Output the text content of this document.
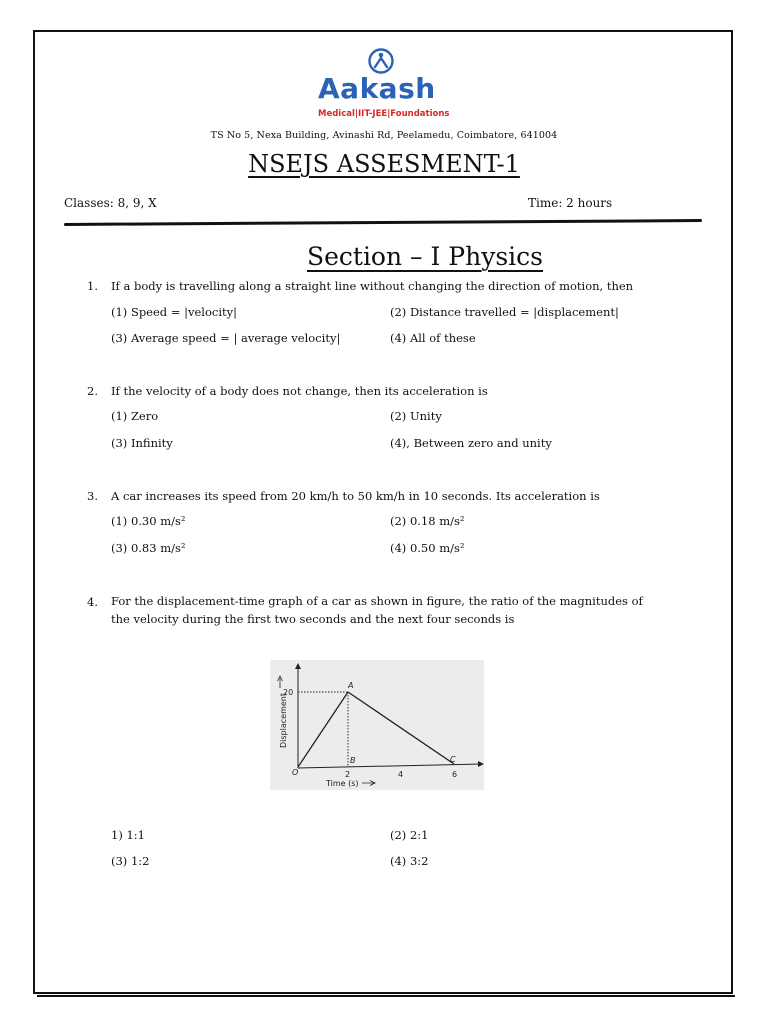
Aakash
Medical|IIT-JEE|Foundations
TS No 5, Nexa Building, Avinashi Rd, Peelamedu, Coimbatore, 641004
NSEJS ASSESMENT-1
Classes: 8, 9, X	Time: 2 hours
Section – I Physics
1. If a body is travelling along a straight line without changing the direction of motion, then
(1) Speed = |velocity|	(2) Distance travelled = |displacement|
(3) Average speed = | average velocity|	(4) All of these
2. If the velocity of a body does not change, then its acceleration is
(1) Zero	(2) Unity
(3) Infinity	(4), Between zero and unity
3. A car increases its speed from 20 km/h to 50 km/h in 10 seconds. Its acceleration is
(1) 0.30 m/s²	(2) 0.18 m/s²
(3) 0.83 m/s²	(4) 0.50 m/s²
4. For the displacement-time graph of a car as shown in figure, the ratio of the magnitudes of the velocity during the first two seconds and the next four seconds is
Displacement
20
O
A
B	C
2	4	6
Time (s)
1) 1:1	(2) 2:1
(3) 1:2	(4) 3:2
